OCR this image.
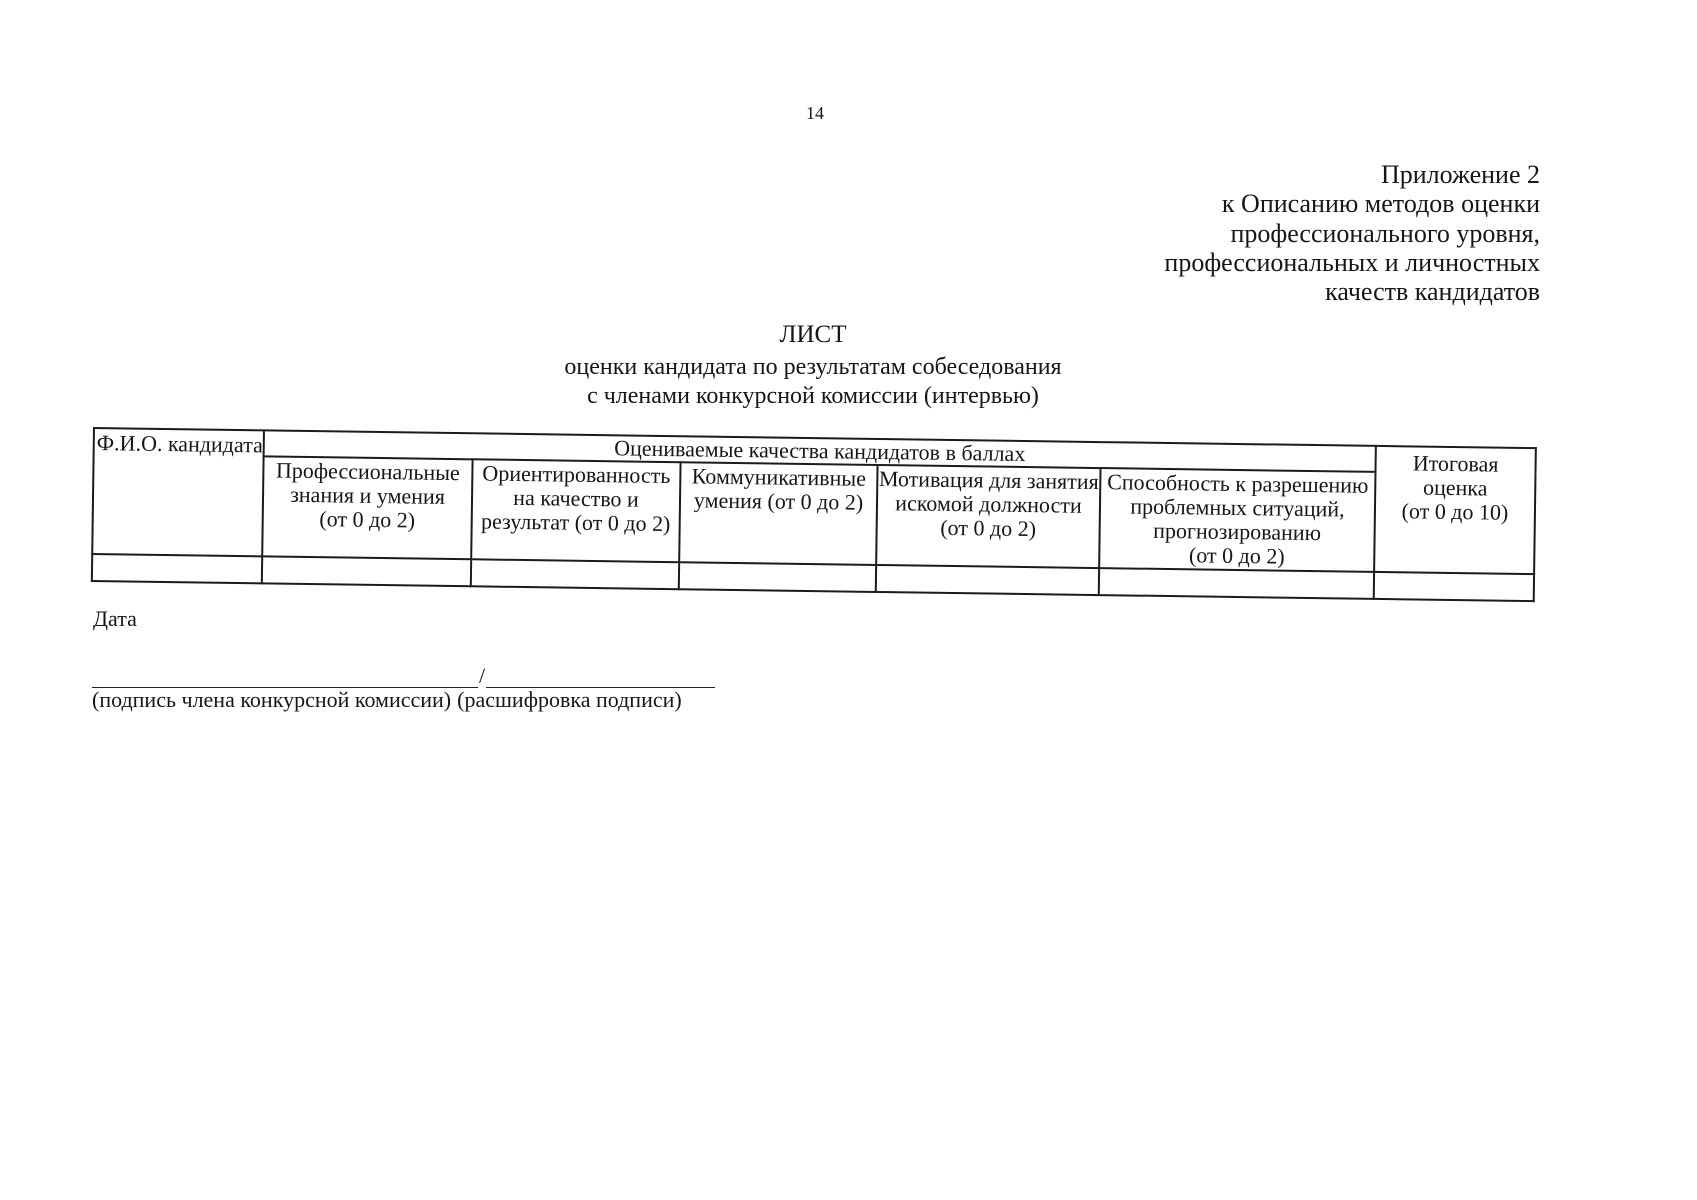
14
Приложение 2
к Описанию методов оценки
профессионального уровня,
профессиональных и личностных
качеств кандидатов
ЛИСТ
оценки кандидата по результатам собеседования
с членами конкурсной комиссии (интервью)
Ф.И.О. кандидата	Оцениваемые качества кандидатов в баллах					Итоговая
оценка
(от 0 до 10)

	Профессиональные
знания и умения
(от 0 до 2)	Ориентированность
на качество и
результат (от 0 до 2)	Коммуникативные
умения (от 0 до 2)	Мотивация для занятия
искомой должности
(от 0 до 2)	Способность к разрешению
проблемных ситуаций,
прогнозированию
(от 0 до 2)	

Дата
/
(подпись члена конкурсной комиссии) (расшифровка подписи)
